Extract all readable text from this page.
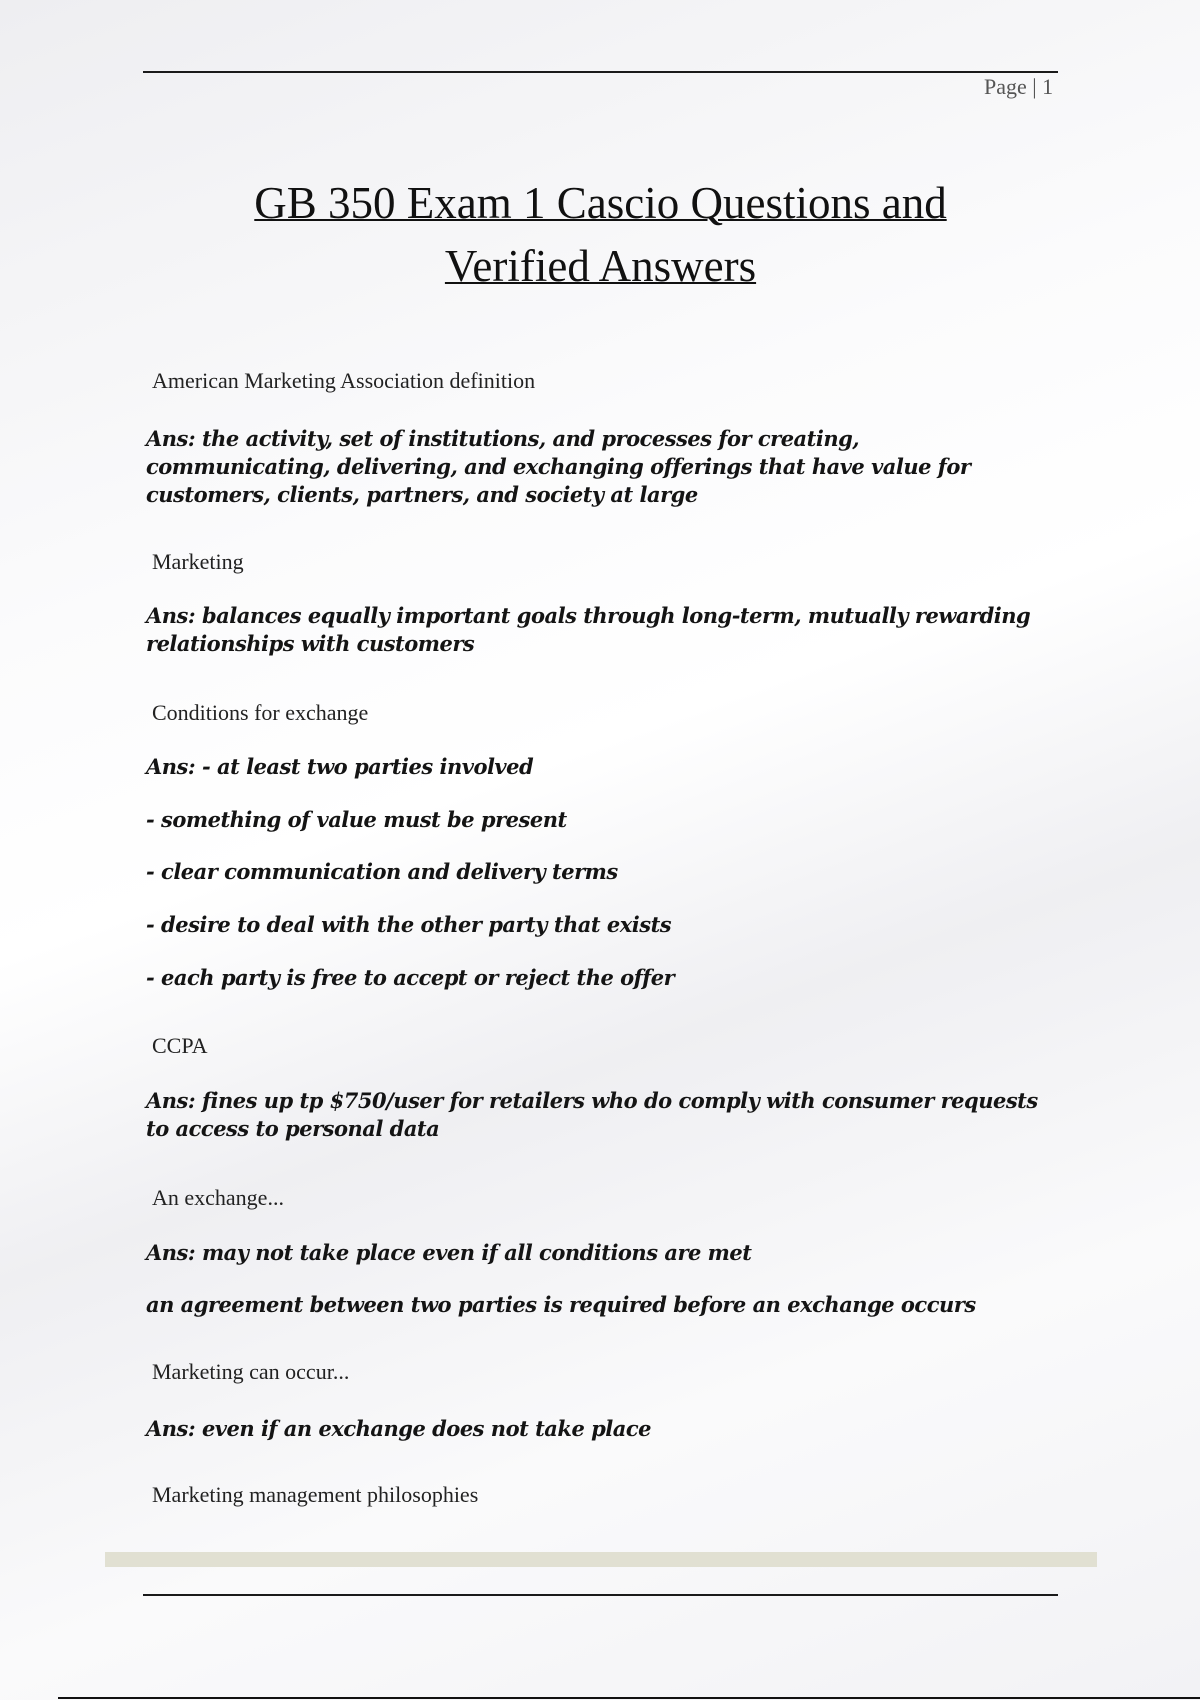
Page | 1
GB 350 Exam 1 Cascio Questions and
Verified Answers
American Marketing Association definition
Ans: the activity, set of institutions, and processes for creating, communicating, delivering, and exchanging offerings that have value for customers, clients, partners, and society at large
Marketing
Ans: balances equally important goals through long-term, mutually rewarding relationships with customers
Conditions for exchange
Ans: - at least two parties involved
- something of value must be present
- clear communication and delivery terms
- desire to deal with the other party that exists
- each party is free to accept or reject the offer
CCPA
Ans: fines up tp $750/user for retailers who do comply with consumer requests to access to personal data
An exchange...
Ans: may not take place even if all conditions are met
an agreement between two parties is required before an exchange occurs
Marketing can occur...
Ans: even if an exchange does not take place
Marketing management philosophies
